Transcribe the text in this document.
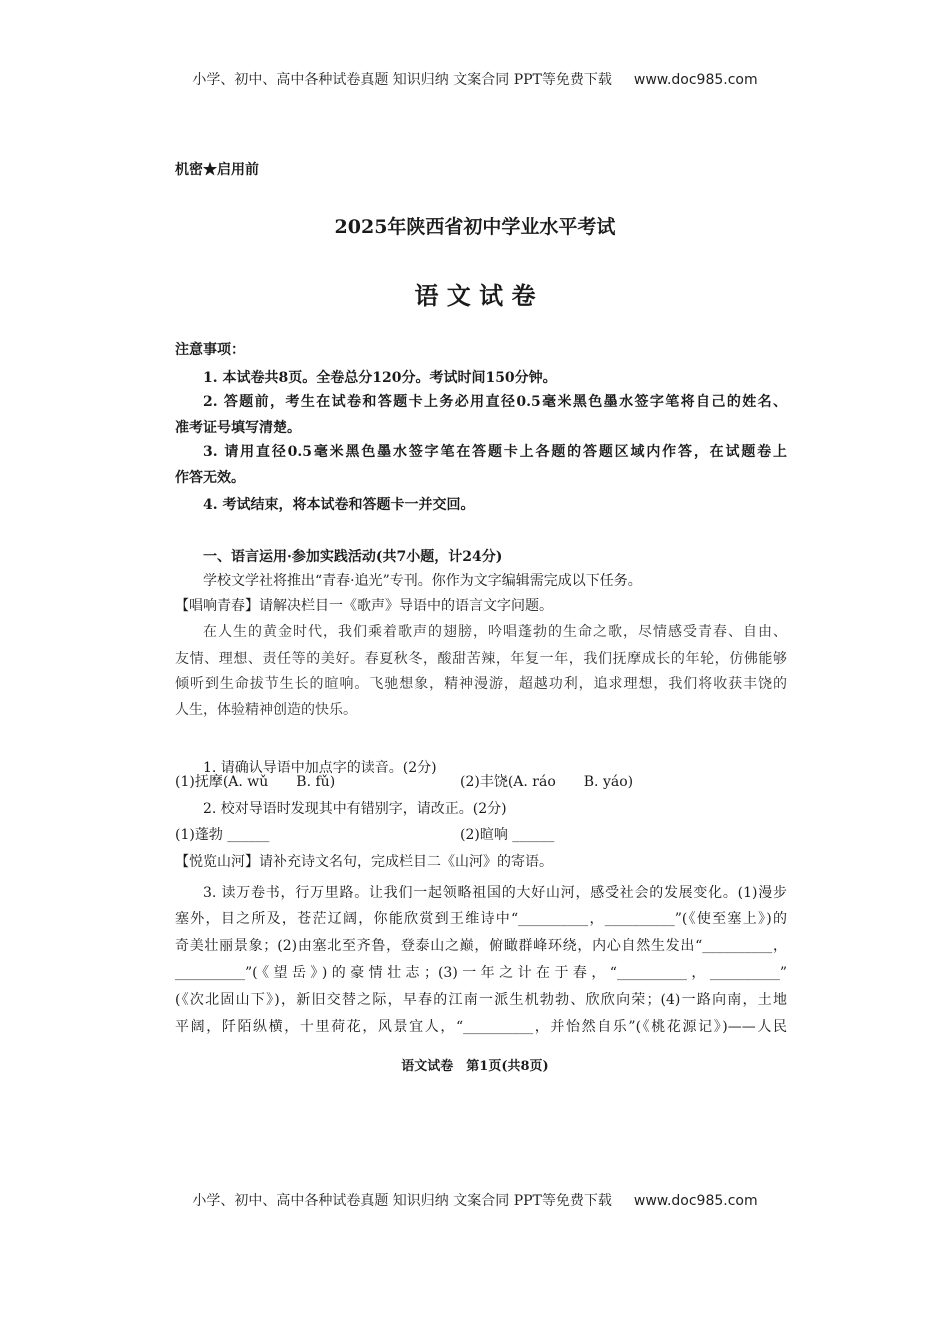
小学、初中、高中各种试卷真题 知识归纳 文案合同 PPT等免费下载 www.doc985.com
机密★启用前
2025年陕西省初中学业水平考试
语 文 试 卷
注意事项：
1. 本试卷共8页。全卷总分120分。考试时间150分钟。
2. 答题前，考生在试卷和答题卡上务必用直径0.5毫米黑色墨水签字笔将自己的姓名、
准考证号填写清楚。
3. 请用直径0.5毫米黑色墨水签字笔在答题卡上各题的答题区域内作答，在试题卷上
作答无效。
4. 考试结束，将本试卷和答题卡一并交回。
一、语言运用·参加实践活动(共7小题，计24分)
学校文学社将推出“青春·追光”专刊。你作为文字编辑需完成以下任务。
【唱响青春】请解决栏目一《歌声》导语中的语言文字问题。
在人生的黄金时代，我们乘着歌声的翅膀，吟唱蓬勃的生命之歌，尽情感受青春、自由、
友情、理想、责任等的美好。春夏秋冬，酸甜苦辣，年复一年，我们抚摩成长的年轮，仿佛能够
倾听到生命拔节生长的暄响。飞驰想象，精神漫游，超越功利，追求理想，我们将收获丰饶的
人生，体验精神创造的快乐。
1. 请确认导语中加点字的读音。(2分)
(1)抚摩(A. wǔ　　B. fǔ)	(2)丰饶(A. ráo　　B. yáo)
2. 校对导语时发现其中有错别字，请改正。(2分)
(1)蓬勃 ______	(2)暄响 ______
【悦览山河】请补充诗文名句，完成栏目二《山河》的寄语。
3. 读万卷书，行万里路。让我们一起领略祖国的大好山河，感受社会的发展变化。(1)漫步
塞外，目之所及，苍茫辽阔，你能欣赏到王维诗中“__________，__________”(《使至塞上》)的
奇美壮丽景象；(2)由塞北至齐鲁，登泰山之巅，俯瞰群峰环绕，内心自然生发出“__________，
__________”(《望岳》)的豪情壮志；(3)一年之计在于春，“__________，__________”
(《次北固山下》)，新旧交替之际，早春的江南一派生机勃勃、欣欣向荣；(4)一路向南，土地
平阔，阡陌纵横，十里荷花，风景宜人，“__________，并怡然自乐”(《桃花源记》)——人民
语文试卷　第1页(共8页)
小学、初中、高中各种试卷真题 知识归纳 文案合同 PPT等免费下载 www.doc985.com
